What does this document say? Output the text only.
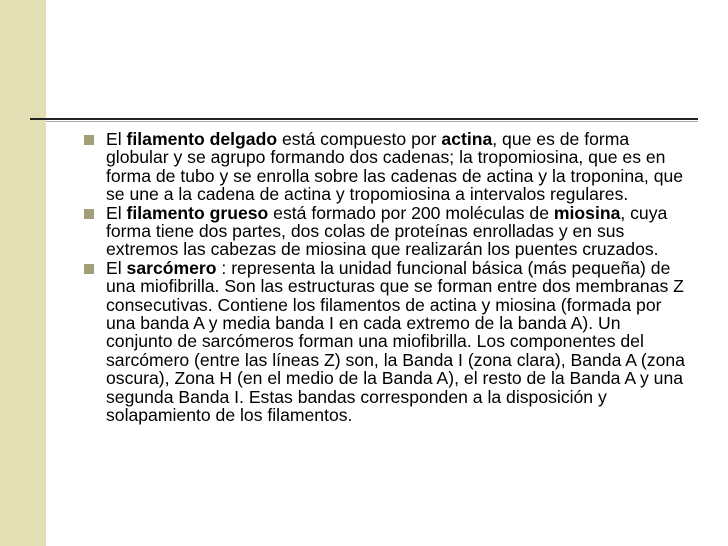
El filamento delgado está compuesto por actina, que es de forma globular y se agrupo formando dos cadenas; la tropomiosina, que es en forma de tubo y se enrolla sobre las cadenas de actina y la troponina, que se une a la cadena de actina y tropomiosina a intervalos regulares.

El filamento grueso está formado por 200 moléculas de miosina, cuya forma tiene dos partes, dos colas de proteínas enrolladas y en sus extremos las cabezas de miosina que realizarán los puentes cruzados.

El sarcómero : representa la unidad funcional básica (más pequeña) de una miofibrilla. Son las estructuras que se forman entre dos membranas Z consecutivas. Contiene los filamentos de actina y miosina (formada por una banda A y media banda I en cada extremo de la banda A). Un conjunto de sarcómeros forman una miofibrilla. Los componentes del sarcómero (entre las líneas Z) son, la Banda I (zona clara), Banda A (zona oscura), Zona H (en el medio de la Banda A), el resto de la Banda A y una segunda Banda I. Estas bandas corresponden a la disposición y solapamiento de los filamentos.
